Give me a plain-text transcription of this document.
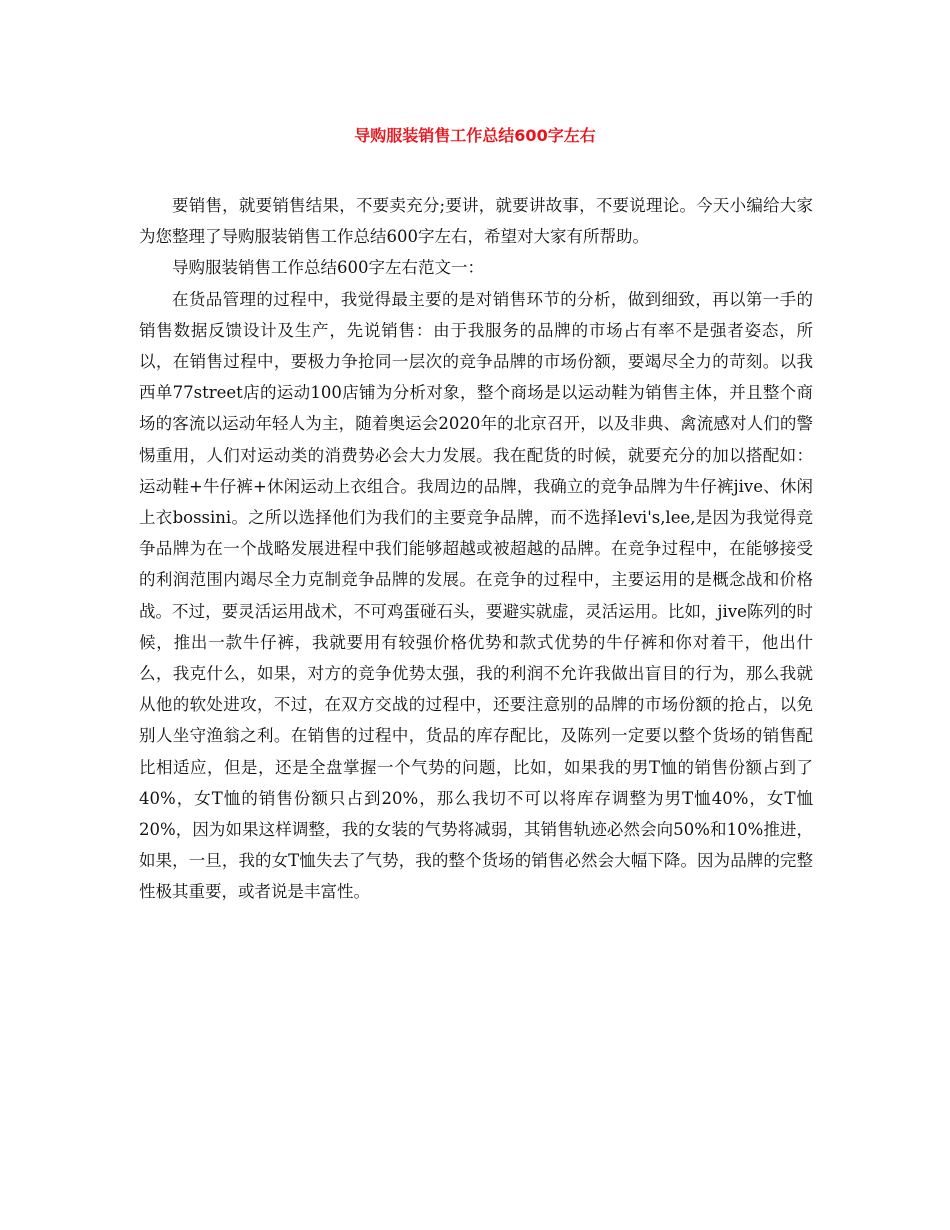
导购服装销售工作总结600字左右

要销售，就要销售结果，不要卖充分;要讲，就要讲故事，不要说理论。今天小编给大家为您整理了导购服装销售工作总结600字左右，希望对大家有所帮助。

导购服装销售工作总结600字左右范文一：

在货品管理的过程中，我觉得最主要的是对销售环节的分析，做到细致，再以第一手的销售数据反馈设计及生产，先说销售：由于我服务的品牌的市场占有率不是强者姿态，所以，在销售过程中，要极力争抢同一层次的竞争品牌的市场份额，要竭尽全力的苛刻。以我西单77street店的运动100店铺为分析对象，整个商场是以运动鞋为销售主体，并且整个商场的客流以运动年轻人为主，随着奥运会2020年的北京召开，以及非典、禽流感对人们的警惕重用，人们对运动类的消费势必会大力发展。我在配货的时候，就要充分的加以搭配如：运动鞋+牛仔裤+休闲运动上衣组合。我周边的品牌，我确立的竞争品牌为牛仔裤jive、休闲上衣bossini。之所以选择他们为我们的主要竞争品牌，而不选择levi's,lee,是因为我觉得竞争品牌为在一个战略发展进程中我们能够超越或被超越的品牌。在竞争过程中，在能够接受的利润范围内竭尽全力克制竞争品牌的发展。在竞争的过程中，主要运用的是概念战和价格战。不过，要灵活运用战术，不可鸡蛋碰石头，要避实就虚，灵活运用。比如，jive陈列的时候，推出一款牛仔裤，我就要用有较强价格优势和款式优势的牛仔裤和你对着干，他出什么，我克什么，如果，对方的竞争优势太强，我的利润不允许我做出盲目的行为，那么我就从他的软处进攻，不过，在双方交战的过程中，还要注意别的品牌的市场份额的抢占，以免别人坐守渔翁之利。在销售的过程中，货品的库存配比，及陈列一定要以整个货场的销售配比相适应，但是，还是全盘掌握一个气势的问题，比如，如果我的男T恤的销售份额占到了40%，女T恤的销售份额只占到20%，那么我切不可以将库存调整为男T恤40%，女T恤 20%，因为如果这样调整，我的女装的气势将减弱，其销售轨迹必然会向50%和10%推进，如果，一旦，我的女T恤失去了气势，我的整个货场的销售必然会大幅下降。因为品牌的完整性极其重要，或者说是丰富性。
